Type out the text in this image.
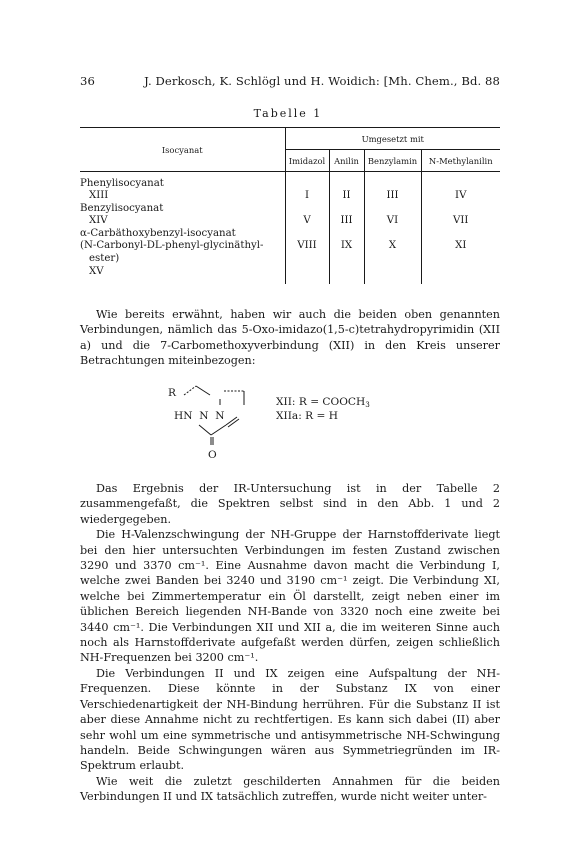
36	J. Derkosch, K. Schlögl und H. Woidich: [Mh. Chem., Bd. 88
Tabelle 1
Isocyanat	Umgesetzt mit			
	Imidazol	Anilin	Benzylamin	N-Methylanilin

Phenylisocyanat
XIII	I	II	III	IV

Benzylisocyanat
XIV	V	III	VI	VII

α-Carbäthoxybenzyl-isocyanat
(N-Carbonyl-DL-phenyl-glycinäthyl-
ester)
XV	VIII	IX	X	XI

Wie bereits erwähnt, haben wir auch die beiden oben genannten Verbindungen, nämlich das 5-Oxo-imidazo(1,5-c)tetrahydropyrimidin (XII a) und die 7-Carbomethoxyverbindung (XII) in den Kreis unserer Betrachtungen miteinbezogen:

R
HN  N  N
O
XII: $R = COOCH_3$
XIIa: R = H

Das Ergebnis der IR-Untersuchung ist in der Tabelle 2 zusammengefaßt, die Spektren selbst sind in den Abb. 1 und 2 wiedergegeben.

Die H-Valenzschwingung der NH-Gruppe der Harnstoffderivate liegt bei den hier untersuchten Verbindungen im festen Zustand zwischen 3290 und 3370 cm⁻¹. Eine Ausnahme davon macht die Verbindung I, welche zwei Banden bei 3240 und 3190 cm⁻¹ zeigt. Die Verbindung XI, welche bei Zimmertemperatur ein Öl darstellt, zeigt neben einer im üblichen Bereich liegenden NH-Bande von 3320 noch eine zweite bei 3440 cm⁻¹. Die Verbindungen XII und XII a, die im weiteren Sinne auch noch als Harnstoffderivate aufgefaßt werden dürfen, zeigen schließlich NH-Frequenzen bei 3200 cm⁻¹.

Die Verbindungen II und IX zeigen eine Aufspaltung der NH-Frequenzen. Diese könnte in der Substanz IX von einer Verschiedenartigkeit der NH-Bindung herrühren. Für die Substanz II ist aber diese Annahme nicht zu rechtfertigen. Es kann sich dabei (II) aber sehr wohl um eine symmetrische und antisymmetrische NH-Schwingung handeln. Beide Schwingungen wären aus Symmetriegründen im IR-Spektrum erlaubt.

Wie weit die zuletzt geschilderten Annahmen für die beiden Verbindungen II und IX tatsächlich zutreffen, wurde nicht weiter unter-
